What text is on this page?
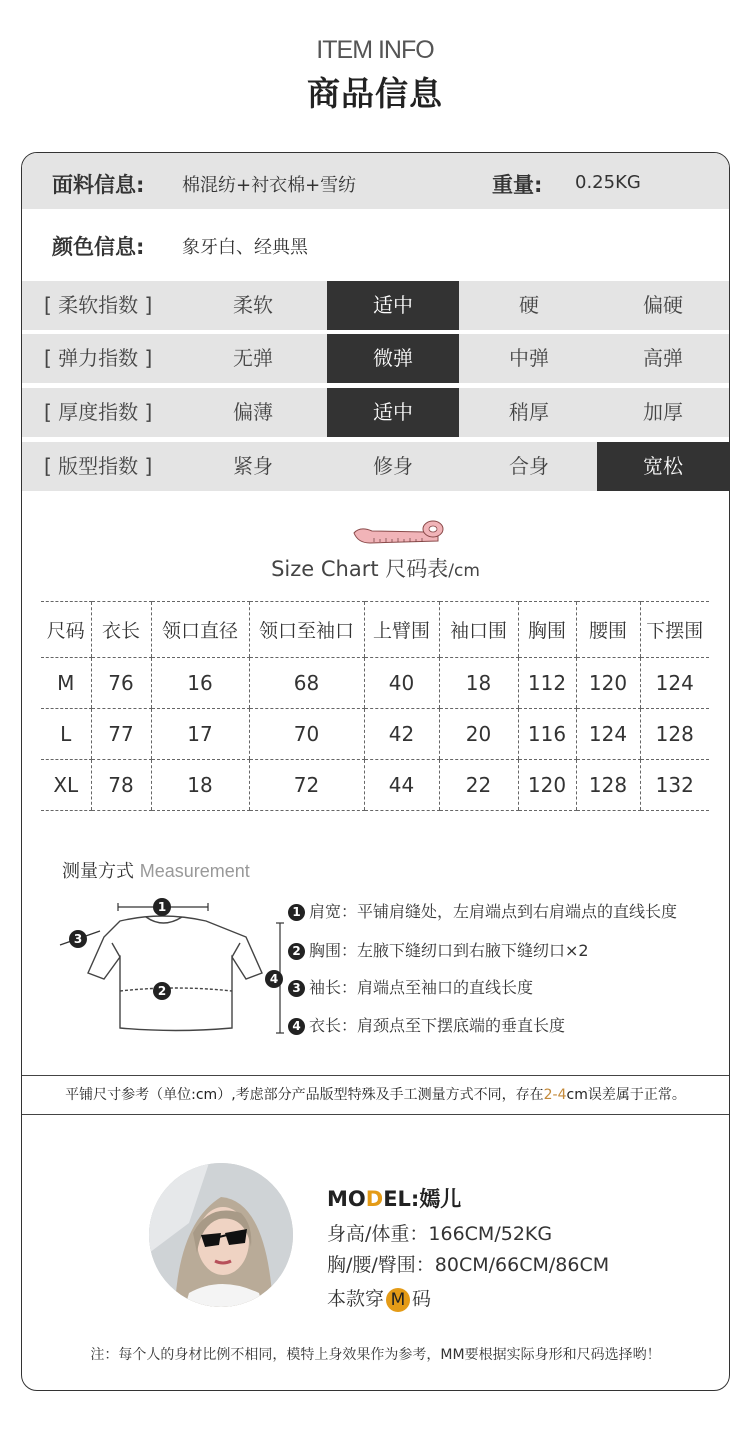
ITEM INFO
商品信息
面料信息: 棉混纺+衬衣棉+雪纺	重量: 0.25KG
颜色信息: 象牙白、经典黑
[ 柔软指数 ]	柔软	适中	硬	偏硬
[ 弹力指数 ]	无弹	微弹	中弹	高弹
[ 厚度指数 ]	偏薄	适中	稍厚	加厚
[ 版型指数 ]	紧身	修身	合身	宽松
Size Chart 尺码表/cm
尺码	衣长	领口直径	领口至袖口	上臂围	袖口围	胸围	腰围	下摆围
M	76	16	68	40	18	112	120	124
L	77	17	70	42	20	116	124	128
XL	78	18	72	44	22	120	128	132
测量方式 Measurement
1
2
3
4
1 肩宽：平铺肩缝处，左肩端点到右肩端点的直线长度
2 胸围：左腋下缝纫口到右腋下缝纫口×2
3 袖长：肩端点至袖口的直线长度
4 衣长：肩颈点至下摆底端的垂直长度
平铺尺寸参考（单位:cm）,考虑部分产品版型特殊及手工测量方式不同，存在2-4cm误差属于正常。
MODEL:嫣儿
身高/体重：166CM/52KG
胸/腰/臀围：80CM/66CM/86CM
本款穿 M 码
注：每个人的身材比例不相同，模特上身效果作为参考，MM要根据实际身形和尺码选择哟！
